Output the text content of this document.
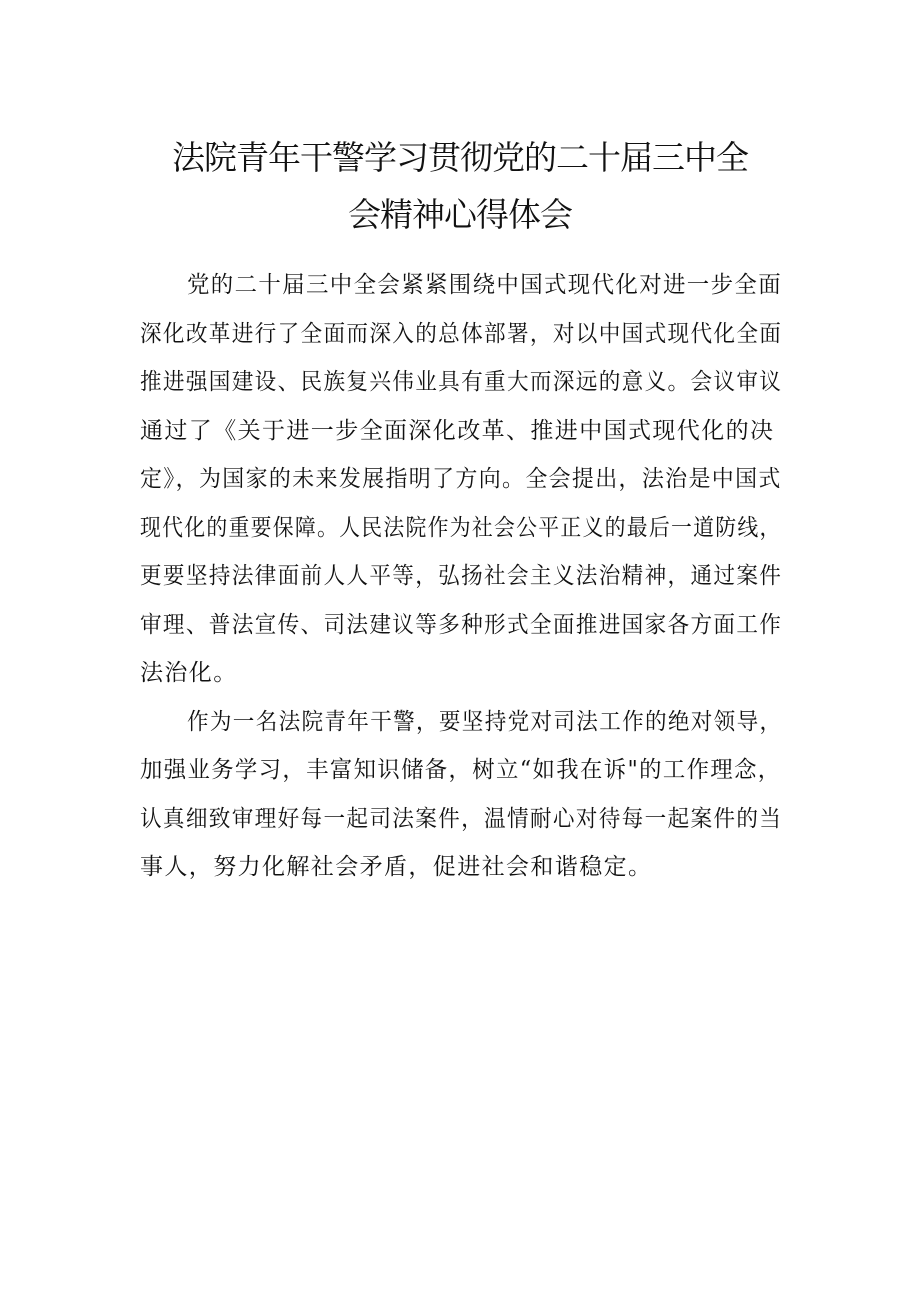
法院青年干警学习贯彻党的二十届三中全
会精神心得体会
党的二十届三中全会紧紧围绕中国式现代化对进一步全面
深化改革进行了全面而深入的总体部署，对以中国式现代化全面
推进强国建设、民族复兴伟业具有重大而深远的意义。会议审议
通过了《关于进一步全面深化改革、推进中国式现代化的决
定》，为国家的未来发展指明了方向。全会提出，法治是中国式
现代化的重要保障。人民法院作为社会公平正义的最后一道防线，
更要坚持法律面前人人平等，弘扬社会主义法治精神，通过案件
审理、普法宣传、司法建议等多种形式全面推进国家各方面工作
法治化。
作为一名法院青年干警，要坚持党对司法工作的绝对领导，
加强业务学习，丰富知识储备，树立“如我在诉"的工作理念，
认真细致审理好每一起司法案件，温情耐心对待每一起案件的当
事人，努力化解社会矛盾，促进社会和谐稳定。
